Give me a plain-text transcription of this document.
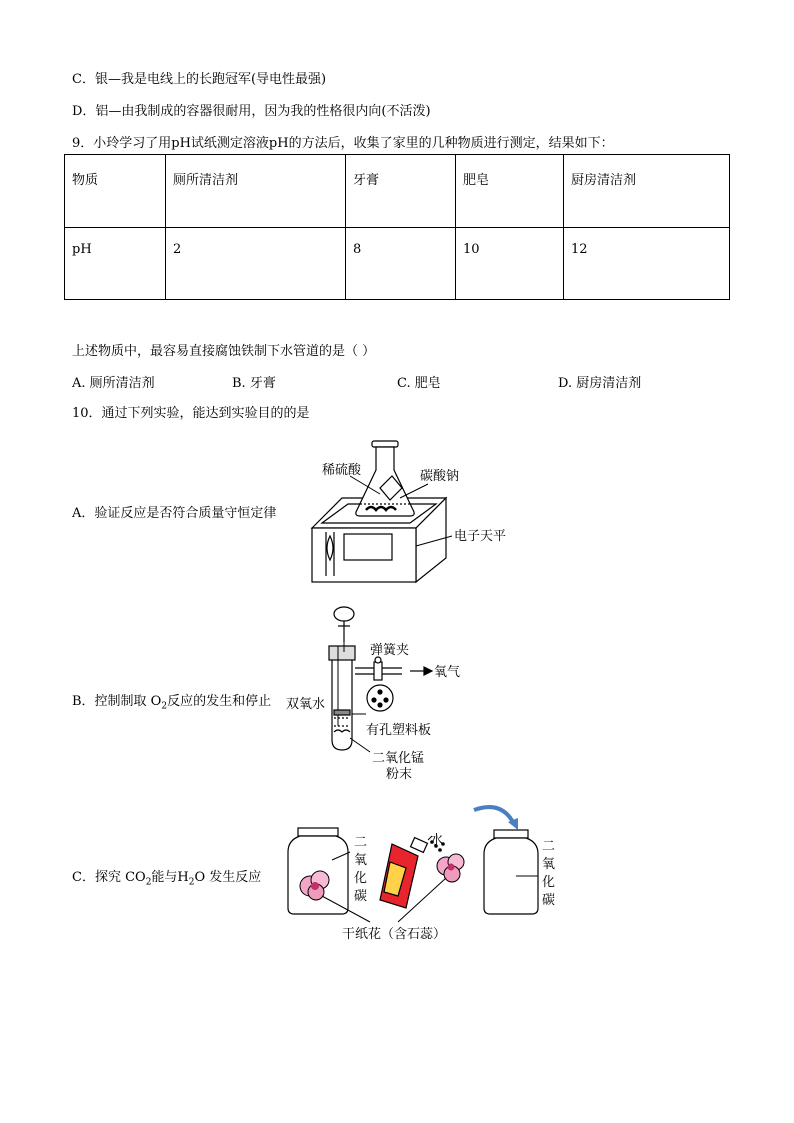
C．银—我是电线上的长跑冠军(导电性最强)
D．铝—由我制成的容器很耐用，因为我的性格很内向(不活泼)
9．小玲学习了用pH试纸测定溶液pH的方法后，收集了家里的几种物质进行测定，结果如下：
物质	厕所清洁剂	牙膏	肥皂	厨房清洁剂
pH	2	8	10	12
上述物质中，最容易直接腐蚀铁制下水管道的是（ ）
A. 厕所清洁剂	B. 牙膏	C. 肥皂	D. 厨房清洁剂
10．通过下列实验，能达到实验目的的是
A．验证反应是否符合质量守恒定律
稀硫酸	碳酸钠
电子天平
B．控制制取 $O_2$反应的发生和停止
弹簧夹
氧气
双氧水
有孔塑料板
二氧化锰
粉末
C．探究 $CO_2$能与$H_2O$ 发生反应
二
氧
化
碳
二
氧
化
碳
水
干纸花（含石蕊）
